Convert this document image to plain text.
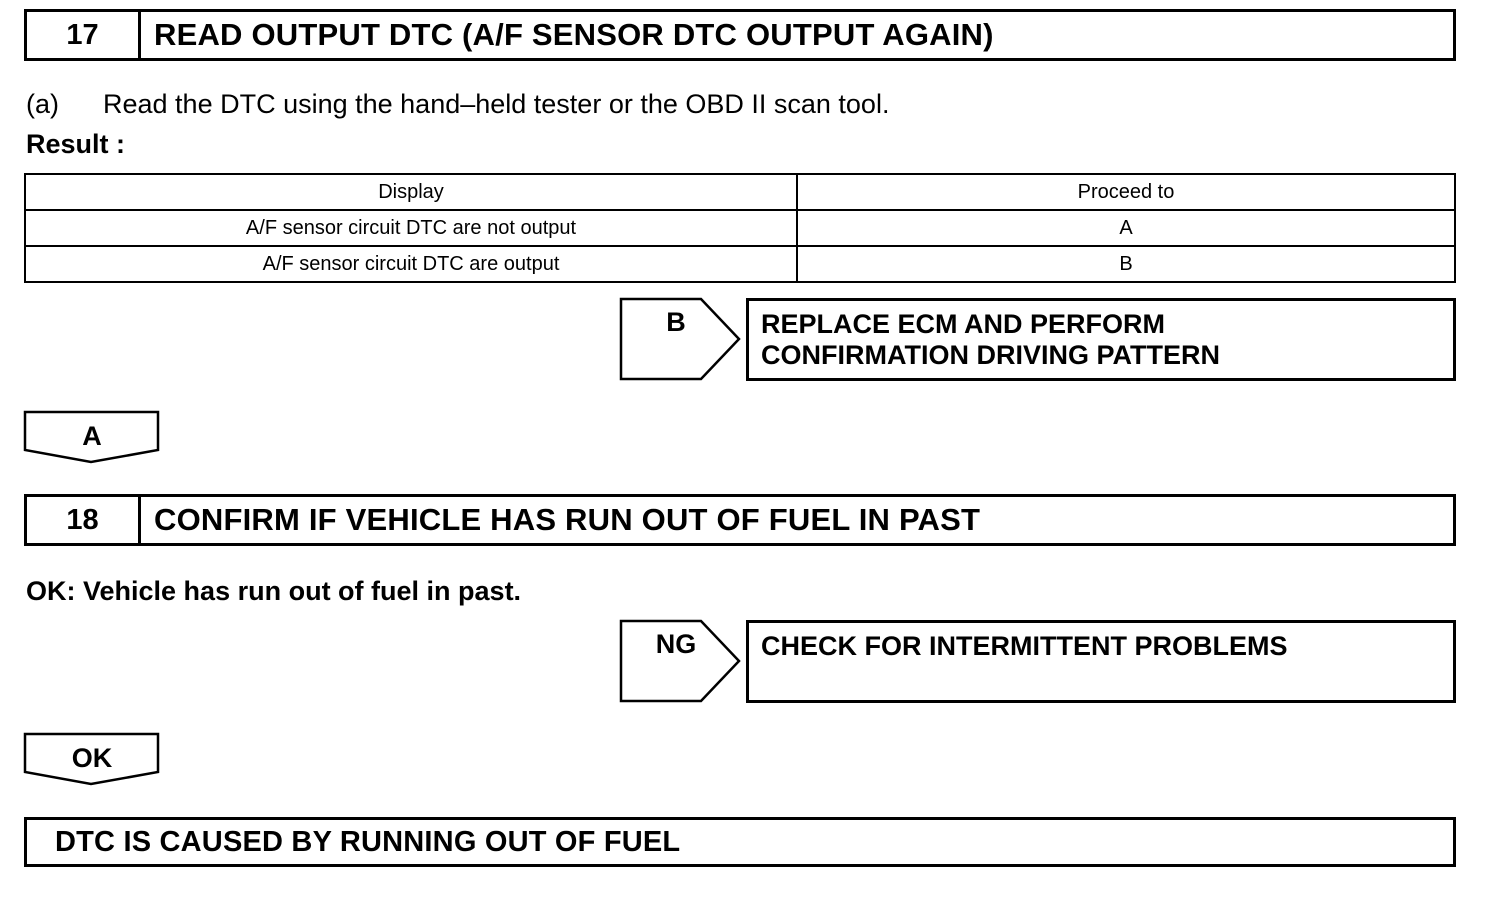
17	READ OUTPUT DTC (A/F SENSOR DTC OUTPUT AGAIN)
(a) Read the DTC using the hand–held tester or the OBD II scan tool.
Result :
Display	Proceed to
A/F sensor circuit DTC are not output	A
A/F sensor circuit DTC are output	B
B	REPLACE ECM AND PERFORM
CONFIRMATION DRIVING PATTERN
A
18	CONFIRM IF VEHICLE HAS RUN OUT OF FUEL IN PAST
OK: Vehicle has run out of fuel in past.
NG	CHECK FOR INTERMITTENT PROBLEMS
OK
DTC IS CAUSED BY RUNNING OUT OF FUEL
